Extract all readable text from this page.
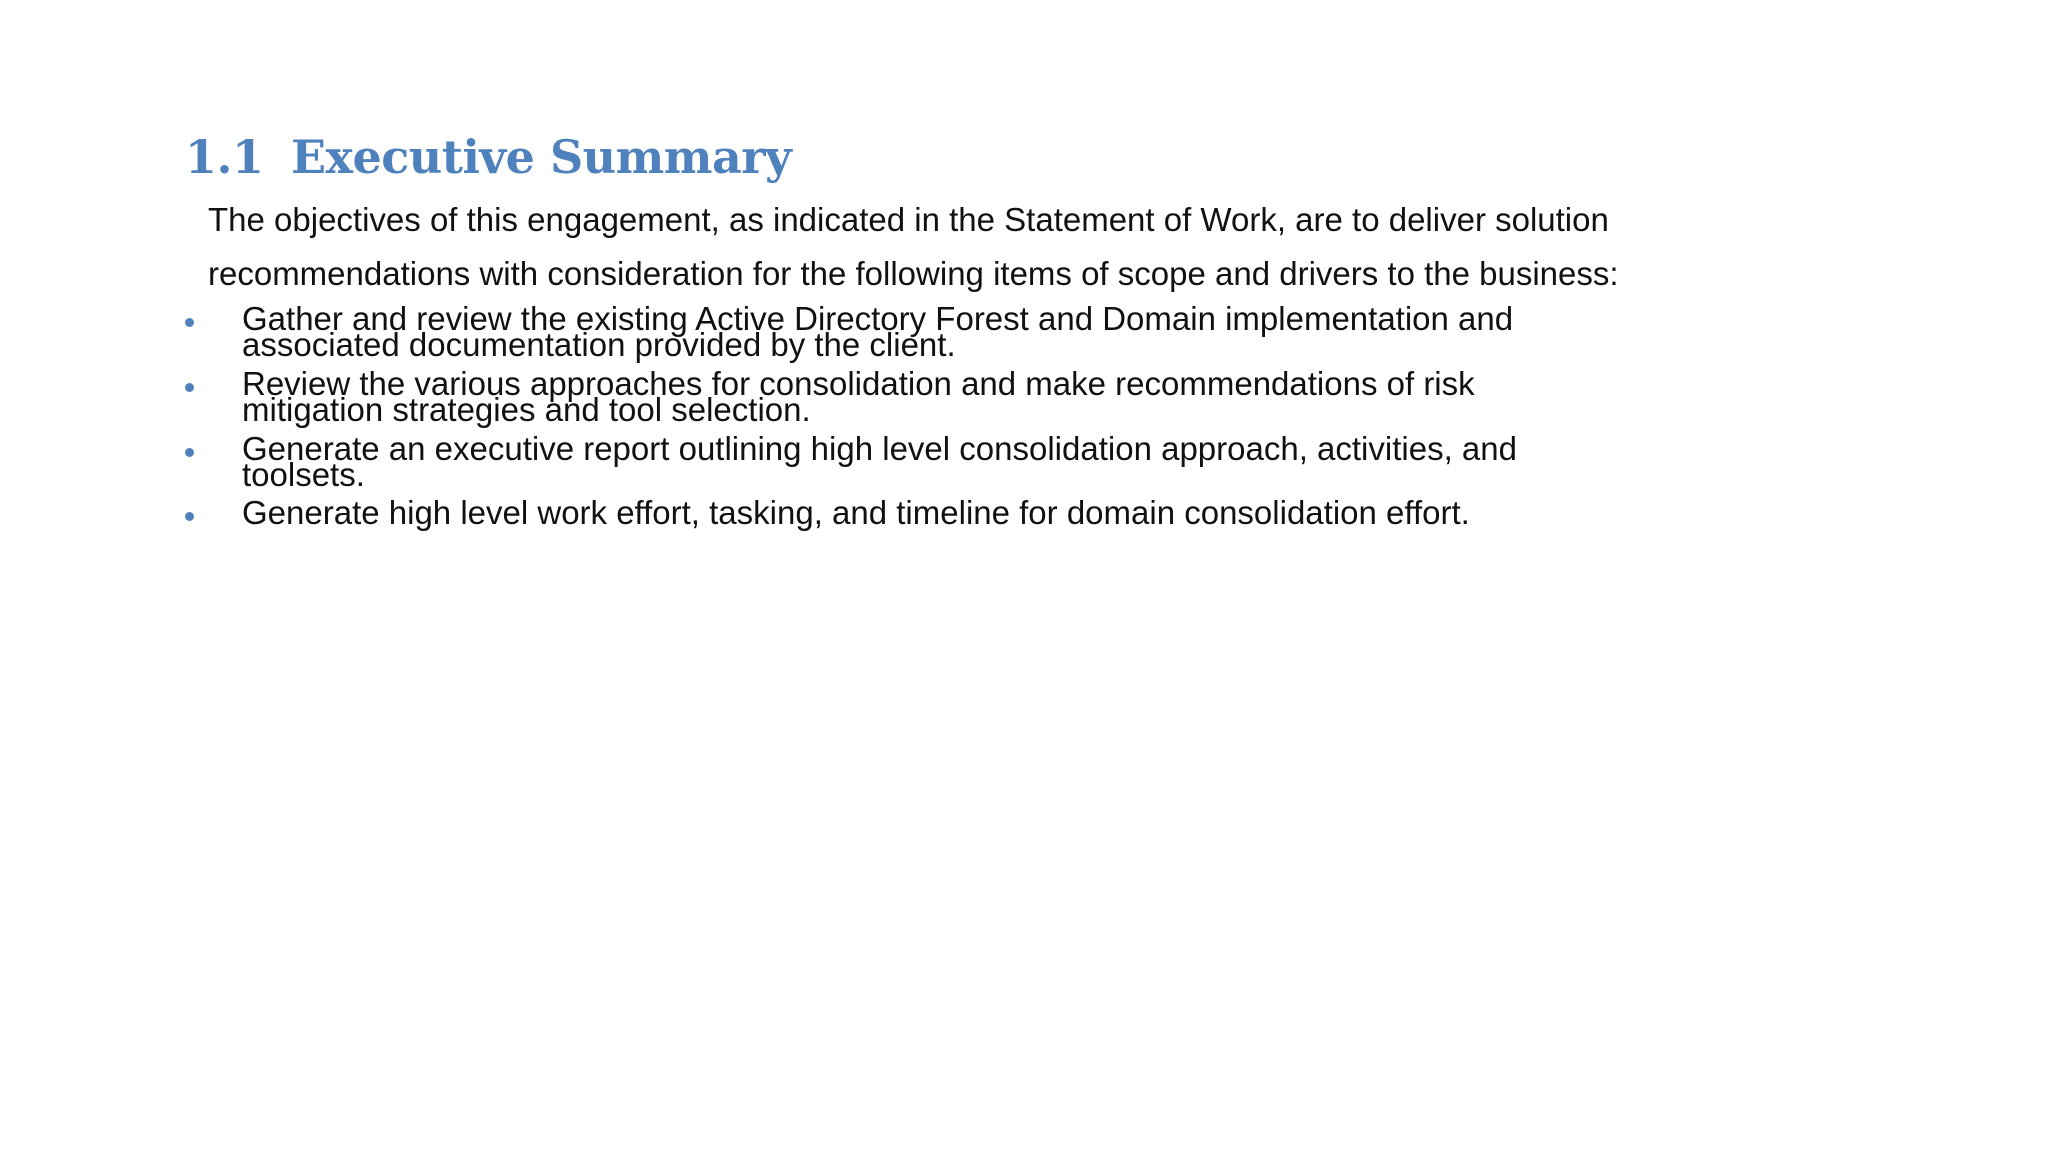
1.1 Executive Summary

The objectives of this engagement, as indicated in the Statement of Work, are to deliver solution
recommendations with consideration for the following items of scope and drivers to the business:

Gather and review the existing Active Directory Forest and Domain implementation and
associated documentation provided by the client.
Review the various approaches for consolidation and make recommendations of risk
mitigation strategies and tool selection.
Generate an executive report outlining high level consolidation approach, activities, and
toolsets.
Generate high level work effort, tasking, and timeline for domain consolidation effort.
